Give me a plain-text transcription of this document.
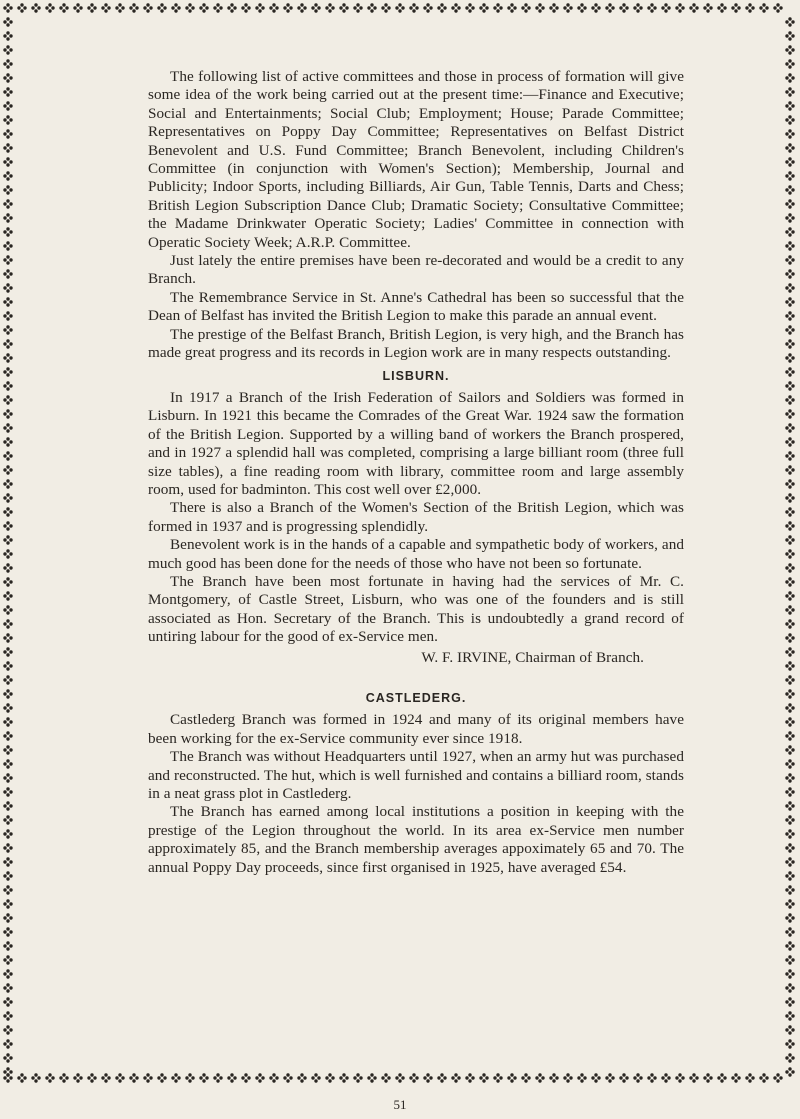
The following list of active committees and those in process of formation will give some idea of the work being carried out at the present time:—Finance and Executive; Social and Entertainments; Social Club; Employment; House; Parade Committee; Representatives on Poppy Day Committee; Representatives on Belfast District Benevolent and U.S. Fund Committee; Branch Benevolent, including Children's Committee (in conjunction with Women's Section); Membership, Journal and Publicity; Indoor Sports, including Billiards, Air Gun, Table Tennis, Darts and Chess; British Legion Subscription Dance Club; Dramatic Society; Consultative Committee; the Madame Drinkwater Operatic Society; Ladies' Committee in connection with Operatic Society Week; A.R.P. Committee.

Just lately the entire premises have been re-decorated and would be a credit to any Branch.

The Remembrance Service in St. Anne's Cathedral has been so successful that the Dean of Belfast has invited the British Legion to make this parade an annual event.

The prestige of the Belfast Branch, British Legion, is very high, and the Branch has made great progress and its records in Legion work are in many respects outstanding.

LISBURN.

In 1917 a Branch of the Irish Federation of Sailors and Soldiers was formed in Lisburn. In 1921 this became the Comrades of the Great War. 1924 saw the formation of the British Legion. Supported by a willing band of workers the Branch prospered, and in 1927 a splendid hall was completed, comprising a large billiant room (three full size tables), a fine reading room with library, committee room and large assembly room, used for badminton. This cost well over £2,000.

There is also a Branch of the Women's Section of the British Legion, which was formed in 1937 and is progressing splendidly.

Benevolent work is in the hands of a capable and sympathetic body of workers, and much good has been done for the needs of those who have not been so fortunate.

The Branch have been most fortunate in having had the services of Mr. C. Montgomery, of Castle Street, Lisburn, who was one of the founders and is still associated as Hon. Secretary of the Branch. This is undoubtedly a grand record of untiring labour for the good of ex-Service men.

W. F. IRVINE, Chairman of Branch.

CASTLEDERG.

Castlederg Branch was formed in 1924 and many of its original members have been working for the ex-Service community ever since 1918.

The Branch was without Headquarters until 1927, when an army hut was purchased and reconstructed. The hut, which is well furnished and contains a billiard room, stands in a neat grass plot in Castlederg.

The Branch has earned among local institutions a position in keeping with the prestige of the Legion throughout the world. In its area ex-Service men number approximately 85, and the Branch membership averages appoximately 65 and 70. The annual Poppy Day proceeds, since first organised in 1925, have averaged £54.

51
